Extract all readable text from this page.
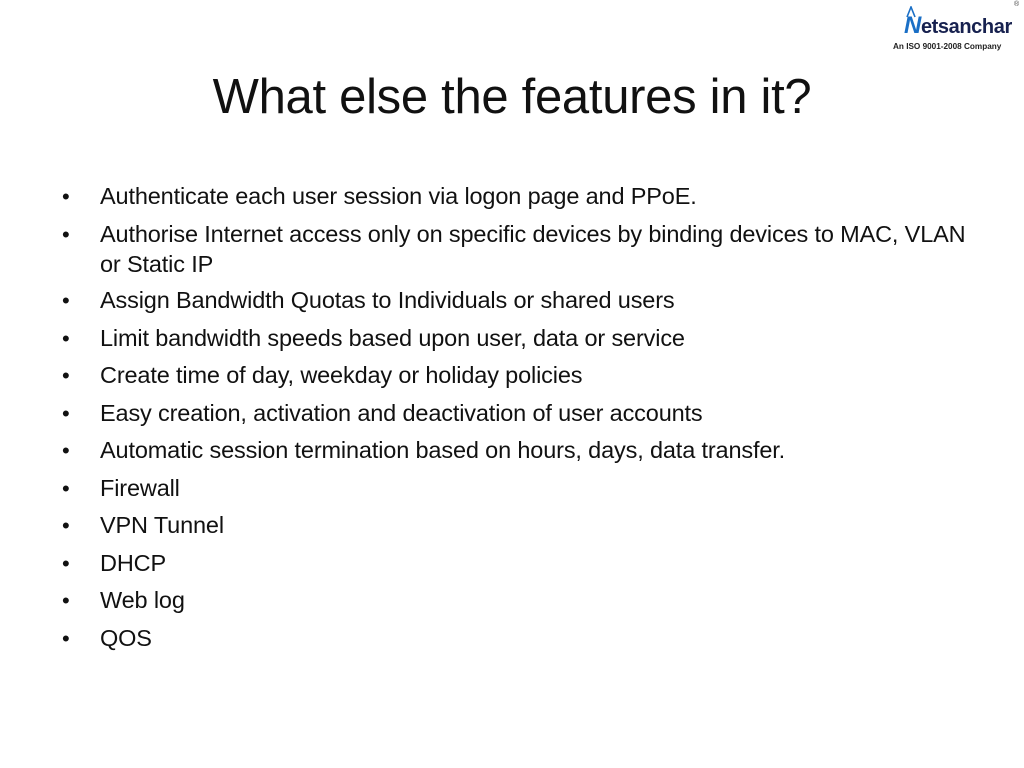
Netsanchar
®
An ISO 9001-2008 Company
What else the features in it?
• Authenticate each user session via logon page and PPoE.
• Authorise Internet access only on specific devices by binding devices to MAC, VLAN or Static IP
• Assign Bandwidth Quotas to Individuals or shared users
• Limit bandwidth speeds based upon user, data or service
• Create time of day, weekday or holiday policies
• Easy creation, activation and deactivation of user accounts
• Automatic session termination based on hours, days, data transfer.
• Firewall
• VPN Tunnel
• DHCP
• Web log
• QOS
